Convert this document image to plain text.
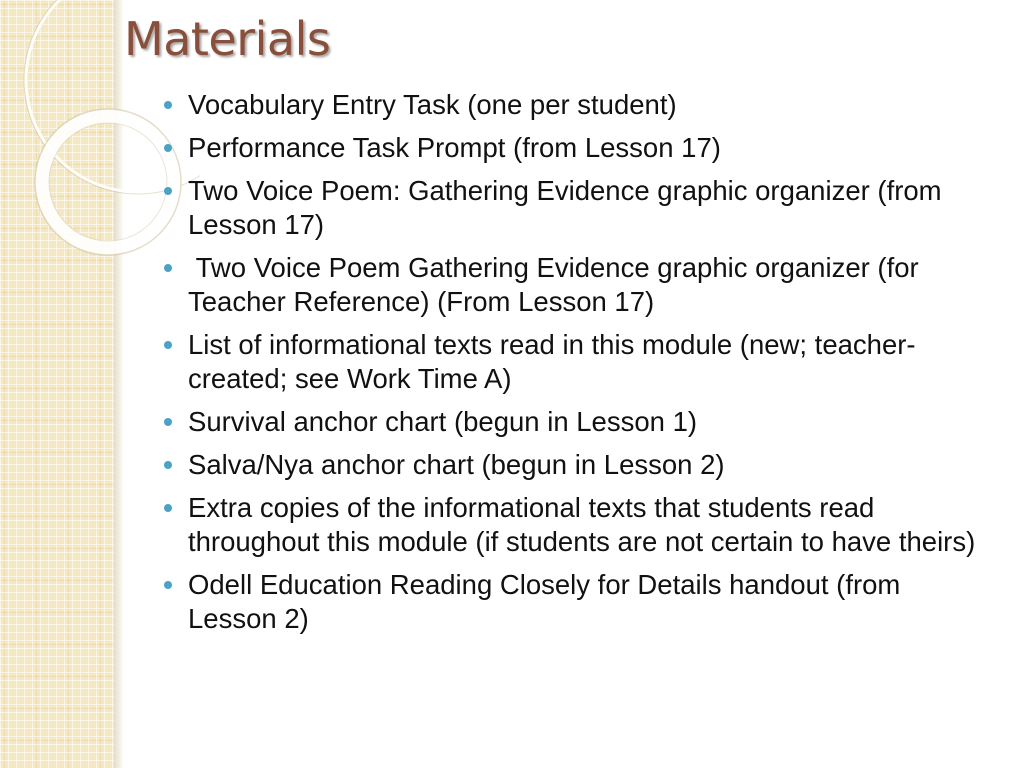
Materials
Vocabulary Entry Task (one per student)
Performance Task Prompt (from Lesson 17)
Two Voice Poem: Gathering Evidence graphic organizer (from Lesson 17)
Two Voice Poem Gathering Evidence graphic organizer (for Teacher Reference) (From Lesson 17)
List of informational texts read in this module (new; teacher-created; see Work Time A)
Survival anchor chart (begun in Lesson 1)
Salva/Nya anchor chart (begun in Lesson 2)
Extra copies of the informational texts that students read throughout this module (if students are not certain to have theirs)
Odell Education Reading Closely for Details handout (from Lesson 2)
